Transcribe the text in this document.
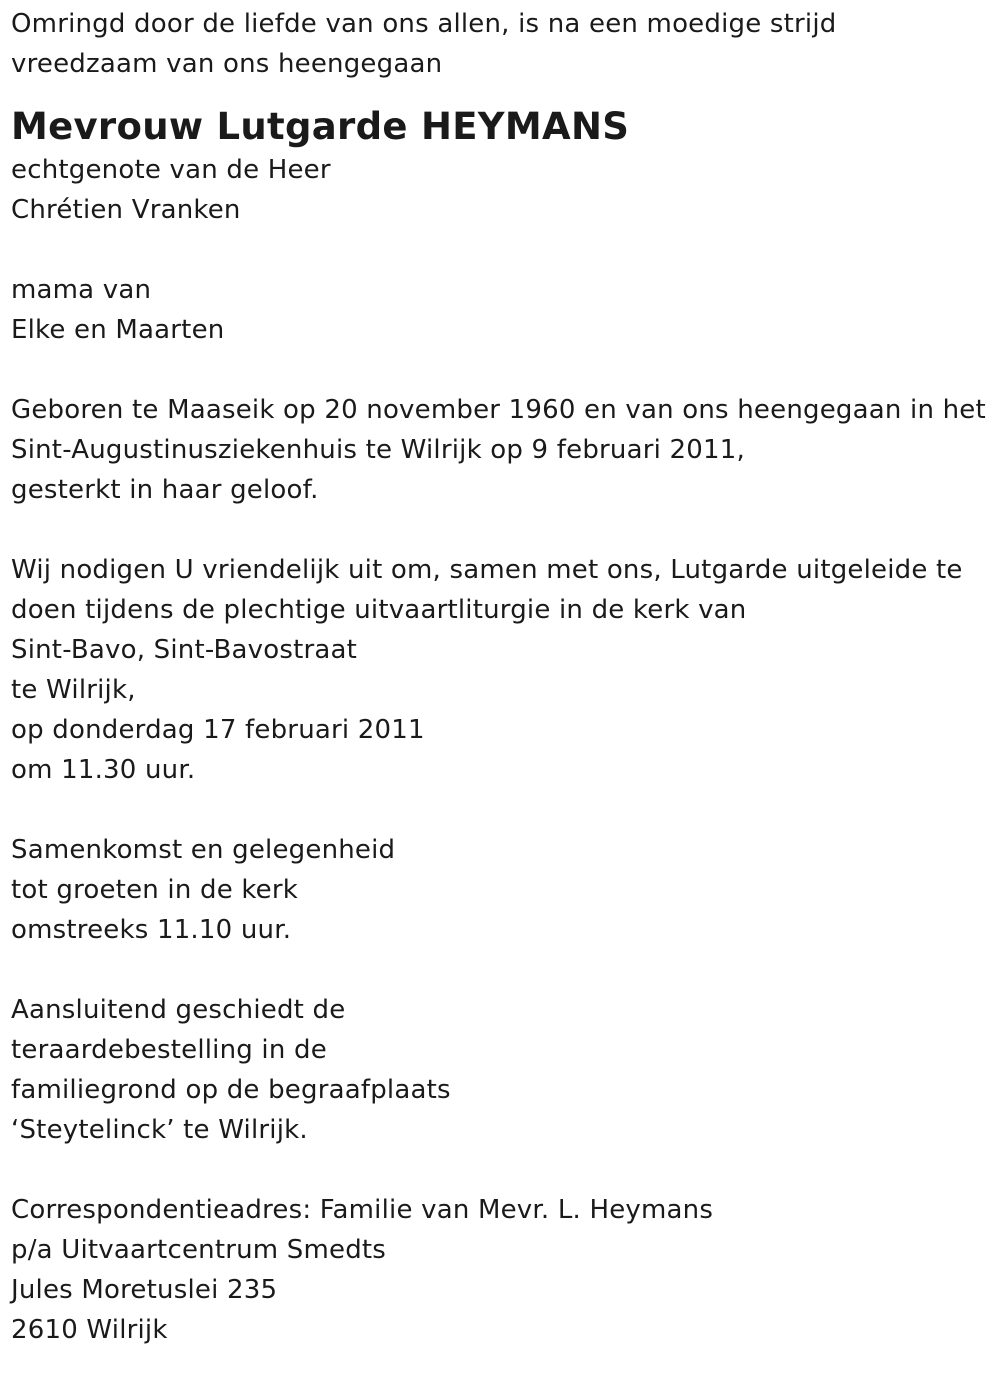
Omringd door de liefde van ons allen, is na een moedige strijd
vreedzaam van ons heengegaan
Mevrouw Lutgarde HEYMANS
echtgenote van de Heer
Chrétien Vranken
mama van
Elke en Maarten
Geboren te Maaseik op 20 november 1960 en van ons heengegaan in het
Sint-Augustinusziekenhuis te Wilrijk op 9 februari 2011,
gesterkt in haar geloof.
Wij nodigen U vriendelijk uit om, samen met ons, Lutgarde uitgeleide te
doen tijdens de plechtige uitvaartliturgie in de kerk van
Sint-Bavo, Sint-Bavostraat
te Wilrijk,
op donderdag 17 februari 2011
om 11.30 uur.
Samenkomst en gelegenheid
tot groeten in de kerk
omstreeks 11.10 uur.
Aansluitend geschiedt de
teraardebestelling in de
familiegrond op de begraafplaats
‘Steytelinck’ te Wilrijk.
Correspondentieadres: Familie van Mevr. L. Heymans
p/a Uitvaartcentrum Smedts
Jules Moretuslei 235
2610 Wilrijk
